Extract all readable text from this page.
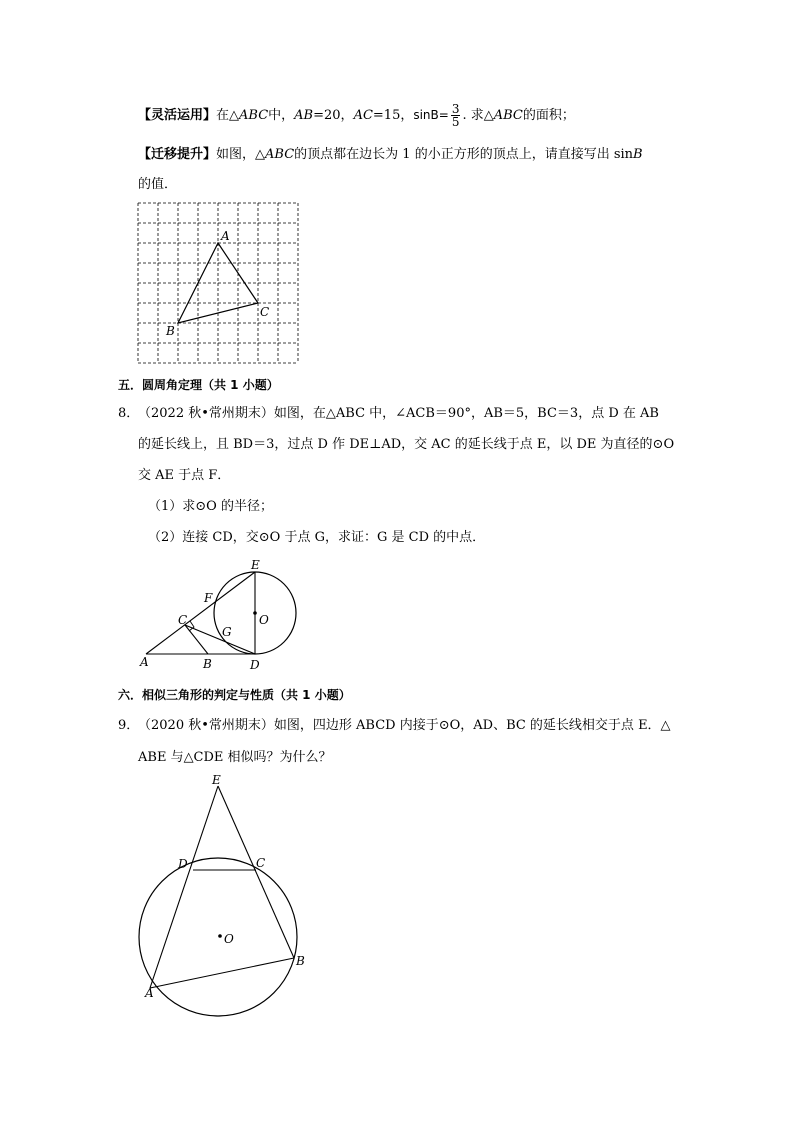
【灵活运用】在△ABC中，AB=20，AC=15，$\sin B= \frac{3}{5}$ . 求△ABC的面积；
【迁移提升】如图，△ABC的顶点都在边长为 1 的小正方形的顶点上，请直接写出 sinB
的值．
A
B
C
五．圆周角定理（共 1 小题）
8．
（2022 秋•常州期末）如图，在△ABC 中，∠ACB＝90°，AB＝5，BC＝3，点 D 在 AB
的延长线上，且 BD＝3，过点 D 作 DE⊥AD，交 AC 的延长线于点 E，以 DE 为直径的⊙O
交 AE 于点 F．
（1）求⊙O 的半径；
（2）连接 CD，交⊙O 于点 G，求证：G 是 CD 的中点．
A	B
C
D
E
F
G
O
六．相似三角形的判定与性质（共 1 小题）
9．
（2020 秋•常州期末）如图，四边形 ABCD 内接于⊙O，AD、BC 的延长线相交于点 E．△
ABE 与△CDE 相似吗？为什么？
E
D	C
B
A
O
